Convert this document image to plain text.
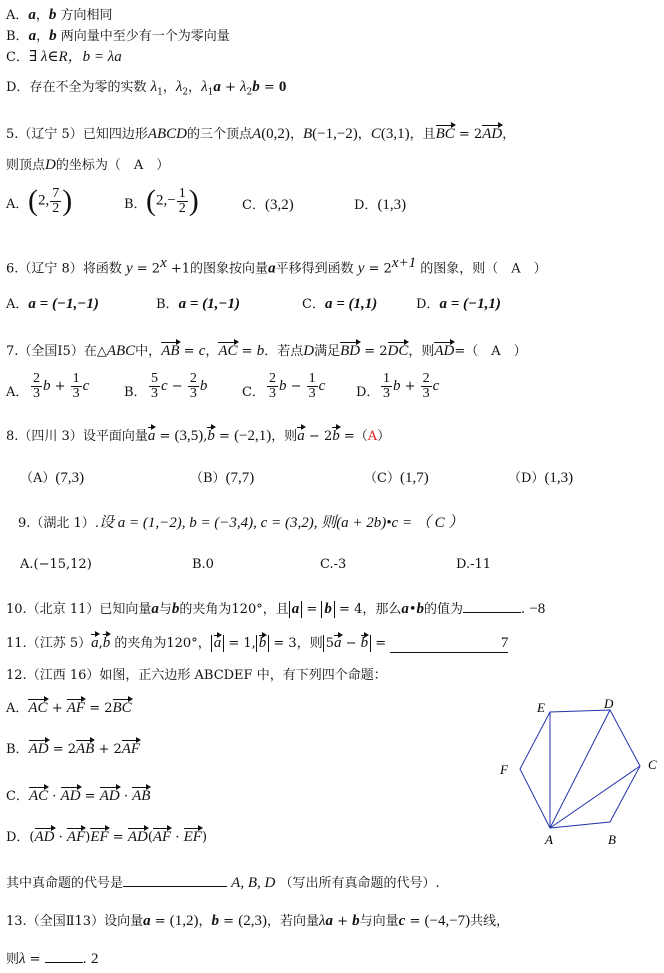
A．a，b 方向相同
B．a，b 两向量中至少有一个为零向量
C．∃ λ∈R，b = λa
D．存在不全为零的实数 $\lambda_1$，$\lambda_2$，$\lambda_1a + \lambda_2b = 0$
5.（辽宁 5）已知四边形ABCD的三个顶点A(0,2)，B(−1,−2)，C(3,1)，且BC = 2AD，
则顶点D的坐标为（　A　）
A． (2, $\frac{7}{2}$ )	B． ($2,- \frac{1}{2}$ )	C．(3,2)	D．(1,3)
6.（辽宁 8）将函数 $y = 2^x +1$的图象按向量a平移得到函数 $y = 2^{x+1}$ 的图象，则（　A　）
A．a = (−1,−1)	B．a = (1,−1)	C．a = (1,1)	D．a = (−1,1)
7.（全国Ⅰ5）在△ABC中，AB = c，AC = b．若点D满足BD = 2DC，则AD=（　A　）
A． $\frac{2}{3}$ $b + \frac{1}{3}$ c	B． $\frac{5}{3}$ $c - \frac{2}{3}$ b	C． $\frac{2}{3}$ $b - \frac{1}{3}$ c D． $\frac{1}{3}$ $b + \frac{2}{3}$ c
8.（四川 3）设平面向量a = (3,5),b = (−2,1)，则a − 2b =（A）
（A）(7,3)	（B）(7,7)	（C）(1,7)	（D）(1,3)
9.（湖北 1）.设 a = (1,−2), b = (−3,4), c = (3,2), 则(a + 2b)•c = （ C ）
A.(−15,12)	B.0	C.-3	D.-11
10.（北京 11）已知向量a与b的夹角为120°，且 a = b = 4，那么a•b的值为	. −8
11.（江苏 5）a,b 的夹角为120°， a = 1, b = 3，则 5a − b =	7
12.（江西 16）如图，正六边形 ABCDEF 中，有下列四个命题：
A．AC + AF = 2BC
B．AD = 2AB + 2AF
C．AC · AD = AD · AB
D．(AD · AF)EF = AD(AF · EF)
其中真命题的代号是	A, B, D （写出所有真命题的代号）.
A	B
C
D
E
F
13.（全国Ⅱ13）设向量a = (1,2)，b = (2,3)，若向量λa + b与向量c = (−4,−7)共线，
则λ =	. 2
